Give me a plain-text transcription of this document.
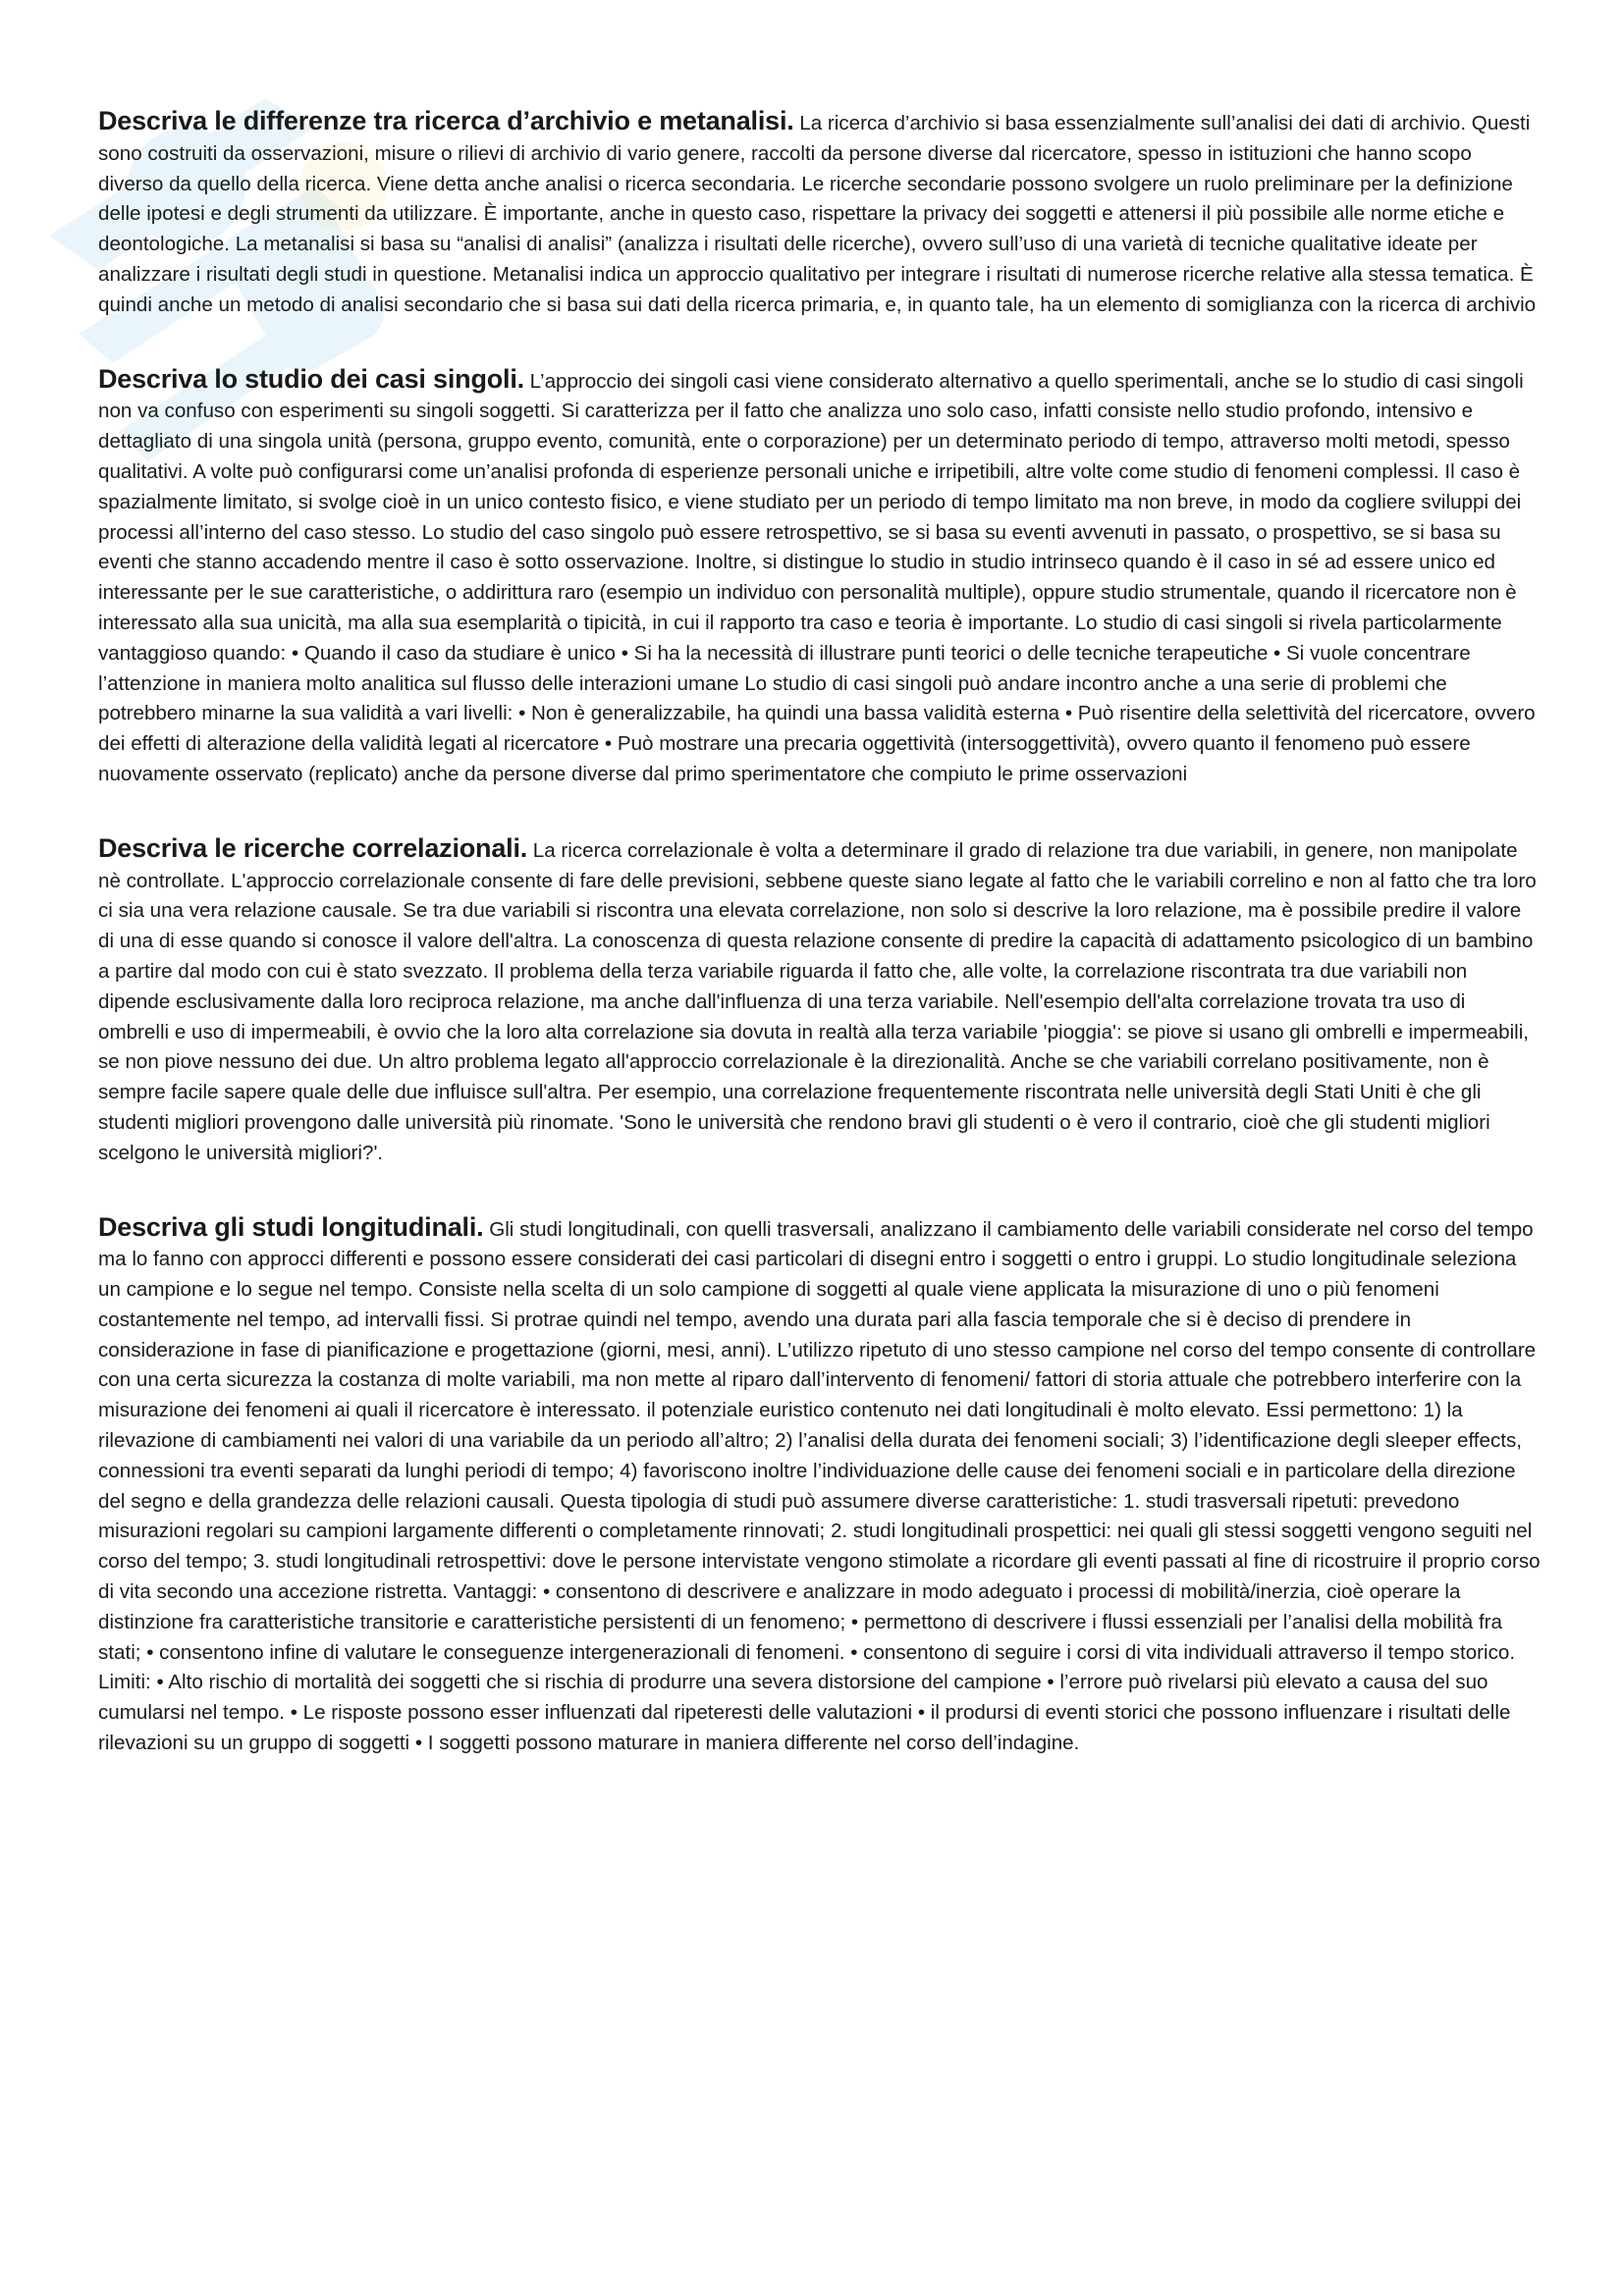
Descriva le differenze tra ricerca d’archivio e metanalisi. La ricerca d’archivio si basa essenzialmente sull’analisi dei dati di archivio. Questi sono costruiti da osservazioni, misure o rilievi di archivio di vario genere, raccolti da persone diverse dal ricercatore, spesso in istituzioni che hanno scopo diverso da quello della ricerca. Viene detta anche analisi o ricerca secondaria. Le ricerche secondarie possono svolgere un ruolo preliminare per la definizione delle ipotesi e degli strumenti da utilizzare. È importante, anche in questo caso, rispettare la privacy dei soggetti e attenersi il più possibile alle norme etiche e deontologiche. La metanalisi si basa su “analisi di analisi” (analizza i risultati delle ricerche), ovvero sull’uso di una varietà di tecniche qualitative ideate per analizzare i risultati degli studi in questione. Metanalisi indica un approccio qualitativo per integrare i risultati di numerose ricerche relative alla stessa tematica. È quindi anche un metodo di analisi secondario che si basa sui dati della ricerca primaria, e, in quanto tale, ha un elemento di somiglianza con la ricerca di archivio

Descriva lo studio dei casi singoli. L’approccio dei singoli casi viene considerato alternativo a quello sperimentali, anche se lo studio di casi singoli non va confuso con esperimenti su singoli soggetti. Si caratterizza per il fatto che analizza uno solo caso, infatti consiste nello studio profondo, intensivo e dettagliato di una singola unità (persona, gruppo evento, comunità, ente o corporazione) per un determinato periodo di tempo, attraverso molti metodi, spesso qualitativi. A volte può configurarsi come un’analisi profonda di esperienze personali uniche e irripetibili, altre volte come studio di fenomeni complessi. Il caso è spazialmente limitato, si svolge cioè in un unico contesto fisico, e viene studiato per un periodo di tempo limitato ma non breve, in modo da cogliere sviluppi dei processi all’interno del caso stesso. Lo studio del caso singolo può essere retrospettivo, se si basa su eventi avvenuti in passato, o prospettivo, se si basa su eventi che stanno accadendo mentre il caso è sotto osservazione. Inoltre, si distingue lo studio in studio intrinseco quando è il caso in sé ad essere unico ed interessante per le sue caratteristiche, o addirittura raro (esempio un individuo con personalità multiple), oppure studio strumentale, quando il ricercatore non è interessato alla sua unicità, ma alla sua esemplarità o tipicità, in cui il rapporto tra caso e teoria è importante. Lo studio di casi singoli si rivela particolarmente vantaggioso quando: • Quando il caso da studiare è unico • Si ha la necessità di illustrare punti teorici o delle tecniche terapeutiche • Si vuole concentrare l’attenzione in maniera molto analitica sul flusso delle interazioni umane Lo studio di casi singoli può andare incontro anche a una serie di problemi che potrebbero minarne la sua validità a vari livelli: • Non è generalizzabile, ha quindi una bassa validità esterna • Può risentire della selettività del ricercatore, ovvero dei effetti di alterazione della validità legati al ricercatore • Può mostrare una precaria oggettività (intersoggettività), ovvero quanto il fenomeno può essere nuovamente osservato (replicato) anche da persone diverse dal primo sperimentatore che compiuto le prime osservazioni

Descriva le ricerche correlazionali. La ricerca correlazionale è volta a determinare il grado di relazione tra due variabili, in genere, non manipolate nè controllate. L'approccio correlazionale consente di fare delle previsioni, sebbene queste siano legate al fatto che le variabili correlino e non al fatto che tra loro ci sia una vera relazione causale. Se tra due variabili si riscontra una elevata correlazione, non solo si descrive la loro relazione, ma è possibile predire il valore di una di esse quando si conosce il valore dell'altra. La conoscenza di questa relazione consente di predire la capacità di adattamento psicologico di un bambino a partire dal modo con cui è stato svezzato. Il problema della terza variabile riguarda il fatto che, alle volte, la correlazione riscontrata tra due variabili non dipende esclusivamente dalla loro reciproca relazione, ma anche dall'influenza di una terza variabile. Nell'esempio dell'alta correlazione trovata tra uso di ombrelli e uso di impermeabili, è ovvio che la loro alta correlazione sia dovuta in realtà alla terza variabile 'pioggia': se piove si usano gli ombrelli e impermeabili, se non piove nessuno dei due. Un altro problema legato all'approccio correlazionale è la direzionalità. Anche se che variabili correlano positivamente, non è sempre facile sapere quale delle due influisce sull'altra. Per esempio, una correlazione frequentemente riscontrata nelle università degli Stati Uniti è che gli studenti migliori provengono dalle università più rinomate. 'Sono le università che rendono bravi gli studenti o è vero il contrario, cioè che gli studenti migliori scelgono le università migliori?'.

Descriva gli studi longitudinali. Gli studi longitudinali, con quelli trasversali, analizzano il cambiamento delle variabili considerate nel corso del tempo ma lo fanno con approcci differenti e possono essere considerati dei casi particolari di disegni entro i soggetti o entro i gruppi. Lo studio longitudinale seleziona un campione e lo segue nel tempo. Consiste nella scelta di un solo campione di soggetti al quale viene applicata la misurazione di uno o più fenomeni costantemente nel tempo, ad intervalli fissi. Si protrae quindi nel tempo, avendo una durata pari alla fascia temporale che si è deciso di prendere in considerazione in fase di pianificazione e progettazione (giorni, mesi, anni). L’utilizzo ripetuto di uno stesso campione nel corso del tempo consente di controllare con una certa sicurezza la costanza di molte variabili, ma non mette al riparo dall’intervento di fenomeni/ fattori di storia attuale che potrebbero interferire con la misurazione dei fenomeni ai quali il ricercatore è interessato. il potenziale euristico contenuto nei dati longitudinali è molto elevato. Essi permettono: 1) la rilevazione di cambiamenti nei valori di una variabile da un periodo all’altro; 2) l’analisi della durata dei fenomeni sociali; 3) l’identificazione degli sleeper effects, connessioni tra eventi separati da lunghi periodi di tempo; 4) favoriscono inoltre l’individuazione delle cause dei fenomeni sociali e in particolare della direzione del segno e della grandezza delle relazioni causali. Questa tipologia di studi può assumere diverse caratteristiche: 1. studi trasversali ripetuti: prevedono misurazioni regolari su campioni largamente differenti o completamente rinnovati; 2. studi longitudinali prospettici: nei quali gli stessi soggetti vengono seguiti nel corso del tempo; 3. studi longitudinali retrospettivi: dove le persone intervistate vengono stimolate a ricordare gli eventi passati al fine di ricostruire il proprio corso di vita secondo una accezione ristretta. Vantaggi: • consentono di descrivere e analizzare in modo adeguato i processi di mobilità/inerzia, cioè operare la distinzione fra caratteristiche transitorie e caratteristiche persistenti di un fenomeno; • permettono di descrivere i flussi essenziali per l’analisi della mobilità fra stati; • consentono infine di valutare le conseguenze intergenerazionali di fenomeni. • consentono di seguire i corsi di vita individuali attraverso il tempo storico. Limiti: • Alto rischio di mortalità dei soggetti che si rischia di produrre una severa distorsione del campione • l’errore può rivelarsi più elevato a causa del suo cumularsi nel tempo. • Le risposte possono esser influenzati dal ripeteresti delle valutazioni • il prodursi di eventi storici che possono influenzare i risultati delle rilevazioni su un gruppo di soggetti • I soggetti possono maturare in maniera differente nel corso dell’indagine.
